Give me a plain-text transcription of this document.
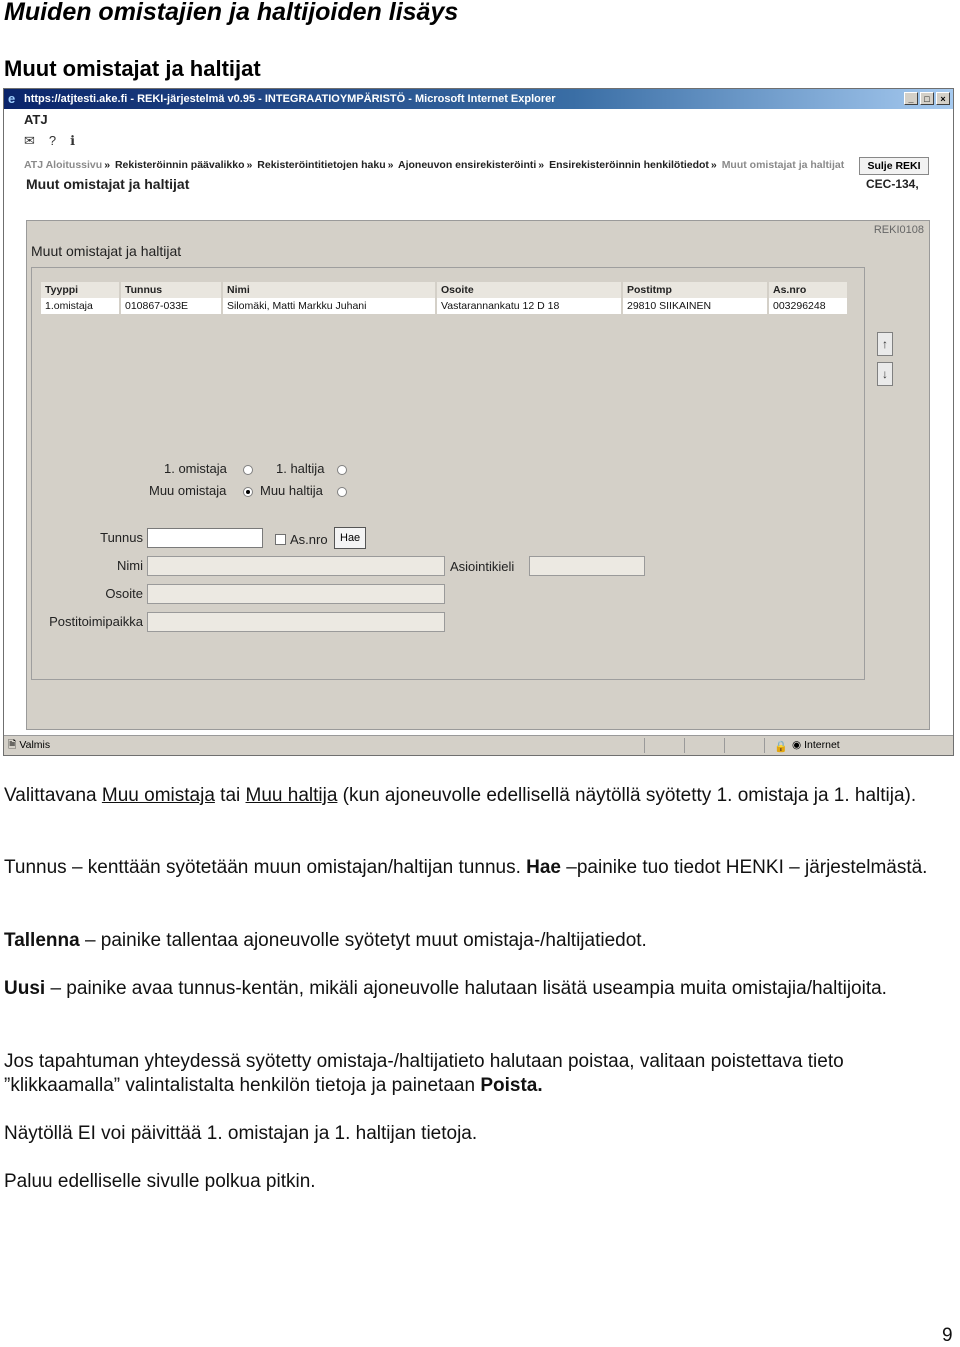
Muiden omistajien ja haltijoiden lisäys
Muut omistajat ja haltijat
e https://atjtesti.ake.fi - REKI-järjestelmä v0.95 - INTEGRAATIOYMPÄRISTÖ - Microsoft Internet Explorer	_	□	×
ATJ
✉ ? ℹ
ATJ Aloitussivu » Rekisteröinnin päävalikko » Rekisteröintitietojen haku » Ajoneuvon ensirekisteröinti » Ensirekisteröinnin henkilötiedot » Muut omistajat ja haltijat	Sulje REKI
Muut omistajat ja haltijat	CEC-134,
REKI0108
Muut omistajat ja haltijat
Tyyppi	Tunnus	Nimi	Osoite	Postitmp	As.nro
1.omistaja	010867-033E	Silomäki, Matti Markku Juhani	Vastarannankatu 12 D 18	29810 SIIKAINEN	003296248
↑
↓
1. omistaja	1. haltija
Muu omistaja	Muu haltija
Tunnus	As.nro	Hae
Nimi	Asiointikieli
Osoite
Postitoimipaikka
🗎 Valmis	🔒 ◉ Internet
Valittavana Muu omistaja tai Muu haltija (kun ajoneuvolle edellisellä näytöllä syötetty 1. omistaja ja 1. haltija).
Tunnus – kenttään syötetään muun omistajan/haltijan tunnus. Hae –painike tuo tiedot HENKI – järjestelmästä.
Tallenna – painike tallentaa ajoneuvolle syötetyt muut omistaja-/haltijatiedot.
Uusi – painike avaa tunnus-kentän, mikäli ajoneuvolle halutaan lisätä useampia muita omistajia/haltijoita.
Jos tapahtuman yhteydessä syötetty omistaja-/haltijatieto halutaan poistaa, valitaan poistettava tieto ”klikkaamalla” valintalistalta henkilön tietoja ja painetaan Poista.
Näytöllä EI voi päivittää 1. omistajan ja 1. haltijan tietoja.
Paluu edelliselle sivulle polkua pitkin.
9
